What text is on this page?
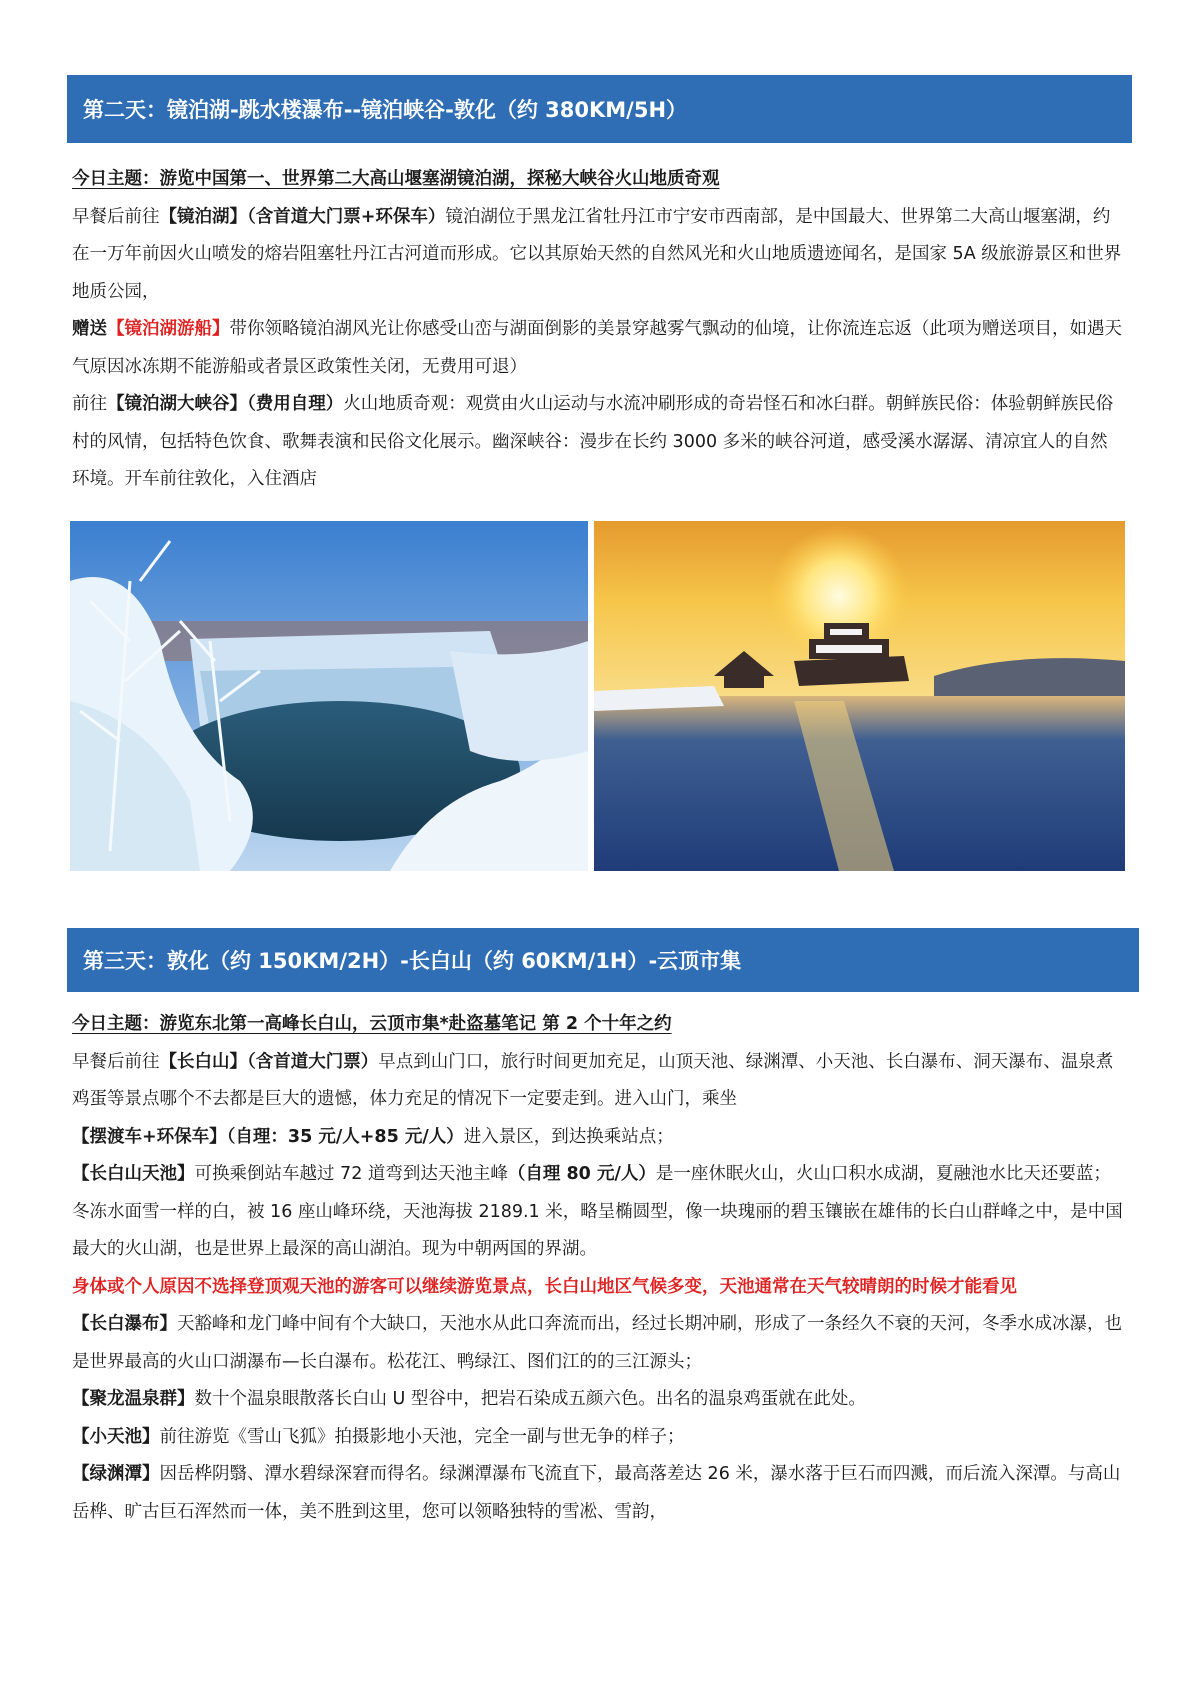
第二天：镜泊湖-跳水楼瀑布--镜泊峡谷-敦化（约 380KM/5H）

今日主题：游览中国第一、世界第二大高山堰塞湖镜泊湖，探秘大峡谷火山地质奇观

早餐后前往【镜泊湖】（含首道大门票+环保车）镜泊湖位于黑龙江省牡丹江市宁安市西南部，是中国最大、世界第二大高山堰塞湖，约在一万年前因火山喷发的熔岩阻塞牡丹江古河道而形成。它以其原始天然的自然风光和火山地质遗迹闻名，是国家 5A 级旅游景区和世界地质公园，

赠送【镜泊湖游船】带你领略镜泊湖风光让你感受山峦与湖面倒影的美景穿越雾气飘动的仙境，让你流连忘返（此项为赠送项目，如遇天气原因冰冻期不能游船或者景区政策性关闭，无费用可退）

前往【镜泊湖大峡谷】（费用自理）火山地质奇观：观赏由火山运动与水流冲刷形成的奇岩怪石和冰臼群。朝鲜族民俗：体验朝鲜族民俗村的风情，包括特色饮食、歌舞表演和民俗文化展示。幽深峡谷：漫步在长约 3000 多米的峡谷河道，感受溪水潺潺、清凉宜人的自然环境。开车前往敦化，入住酒店

第三天：敦化（约 150KM/2H）-长白山（约 60KM/1H）-云顶市集

今日主题：游览东北第一高峰长白山，云顶市集*赴盗墓笔记 第 2 个十年之约

早餐后前往【长白山】（含首道大门票）早点到山门口，旅行时间更加充足，山顶天池、绿渊潭、小天池、长白瀑布、洞天瀑布、温泉煮鸡蛋等景点哪个不去都是巨大的遗憾，体力充足的情况下一定要走到。进入山门，乘坐【摆渡车+环保车】（自理：35 元/人+85 元/人）进入景区，到达换乘站点；

【长白山天池】可换乘倒站车越过 72 道弯到达天池主峰（自理 80 元/人）是一座休眠火山，火山口积水成湖，夏融池水比天还要蓝；冬冻水面雪一样的白，被 16 座山峰环绕，天池海拔 2189.1 米，略呈椭圆型，像一块瑰丽的碧玉镶嵌在雄伟的长白山群峰之中，是中国最大的火山湖，也是世界上最深的高山湖泊。现为中朝两国的界湖。

身体或个人原因不选择登顶观天池的游客可以继续游览景点，长白山地区气候多变，天池通常在天气较晴朗的时候才能看见

【长白瀑布】天豁峰和龙门峰中间有个大缺口，天池水从此口奔流而出，经过长期冲刷，形成了一条经久不衰的天河，冬季水成冰瀑，也是世界最高的火山口湖瀑布—长白瀑布。松花江、鸭绿江、图们江的的三江源头；

【聚龙温泉群】数十个温泉眼散落长白山 U 型谷中，把岩石染成五颜六色。出名的温泉鸡蛋就在此处。

【小天池】前往游览《雪山飞狐》拍摄影地小天池，完全一副与世无争的样子；

【绿渊潭】因岳桦阴翳、潭水碧绿深窘而得名。绿渊潭瀑布飞流直下，最高落差达 26 米，瀑水落于巨石而四溅，而后流入深潭。与高山岳桦、旷古巨石浑然而一体，美不胜到这里，您可以领略独特的雪凇、雪韵，
